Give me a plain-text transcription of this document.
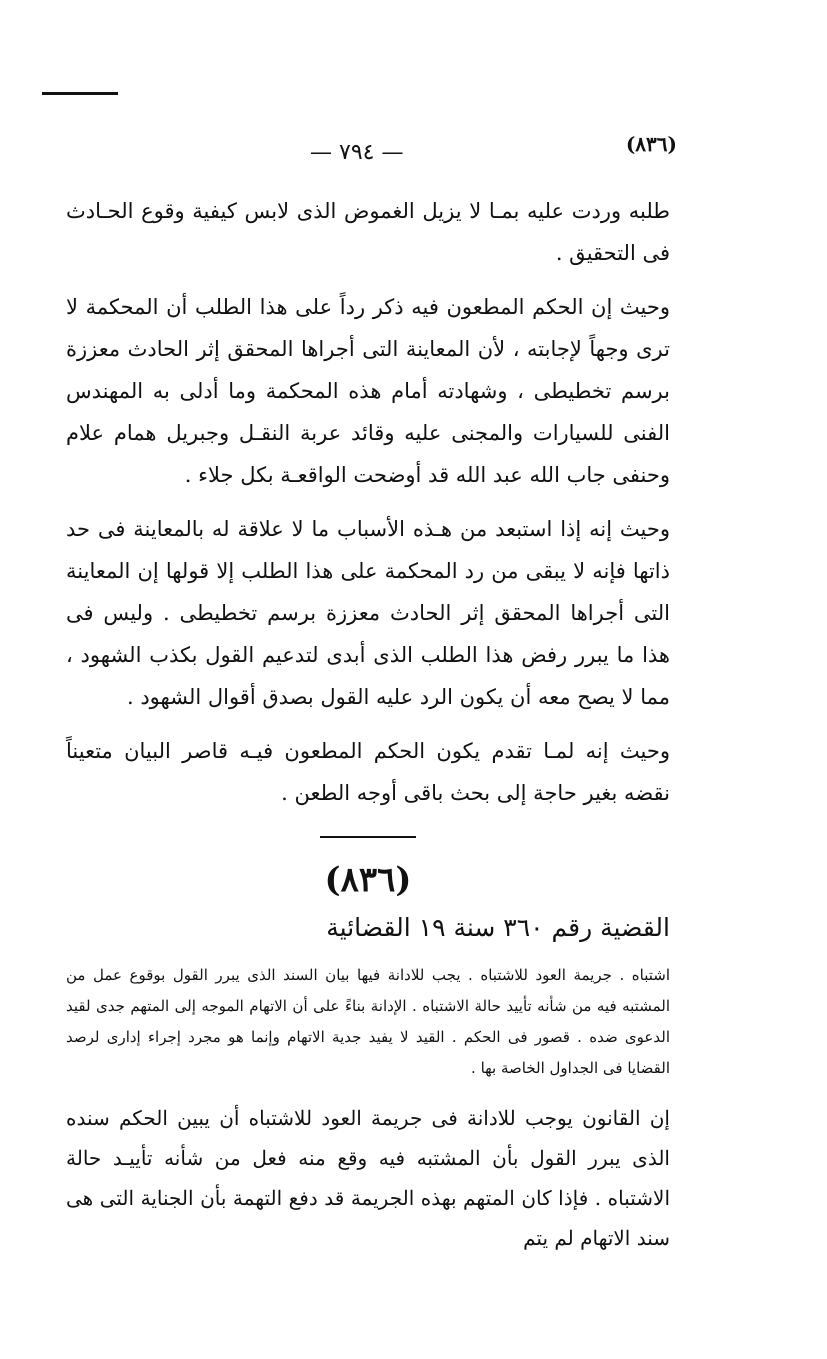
— ٧٩٤ —	(٨٣٦)

طلبه وردت عليه بمـا لا يزيل الغموض الذى لابس كيفية وقوع الحـادث فى التحقيق .

وحيث إن الحكم المطعون فيه ذكر رداً على هذا الطلب أن المحكمة لا ترى وجهاً لإجابته ، لأن المعاينة التى أجراها المحقق إثر الحادث معززة برسم تخطيطى ، وشهادته أمام هذه المحكمة وما أدلى به المهندس الفنى للسيارات والمجنى عليه وقائد عربة النقـل وجبريل همام علام وحنفى جاب الله عبد الله قد أوضحت الواقعـة بكل جلاء .

وحيث إنه إذا استبعد من هـذه الأسباب ما لا علاقة له بالمعاينة فى حد ذاتها فإنه لا يبقى من رد المحكمة على هذا الطلب إلا قولها إن المعاينة التى أجراها المحقق إثر الحادث معززة برسم تخطيطى . وليس فى هذا ما يبرر رفض هذا الطلب الذى أبدى لتدعيم القول بكذب الشهود ، مما لا يصح معه أن يكون الرد عليه القول بصدق أقوال الشهود .

وحيث إنه لمـا تقدم يكون الحكم المطعون فيـه قاصر البيان متعيناً نقضه بغير حاجة إلى بحث باقى أوجه الطعن .

(٨٣٦)
القضية رقم ٣٦٠ سنة ١٩ القضائية

اشتباه . جريمة العود للاشتباه . يجب للادانة فيها بيان السند الذى يبرر القول بوقوع عمل من المشتبه فيه من شأنه تأييد حالة الاشتباه . الإدانة بناءً على أن الاتهام الموجه إلى المتهم جدى لقيد الدعوى ضده . قصور فى الحكم . القيد لا يفيد جدية الاتهام وإنما هو مجرد إجراء إدارى لرصد القضايا فى الجداول الخاصة بها .

إن القانون يوجب للادانة فى جريمة العود للاشتباه أن يبين الحكم سنده الذى يبرر القول بأن المشتبه فيه وقع منه فعل من شأنه تأييـد حالة الاشتباه . فإذا كان المتهم بهذه الجريمة قد دفع التهمة بأن الجناية التى هى سند الاتهام لم يتم
